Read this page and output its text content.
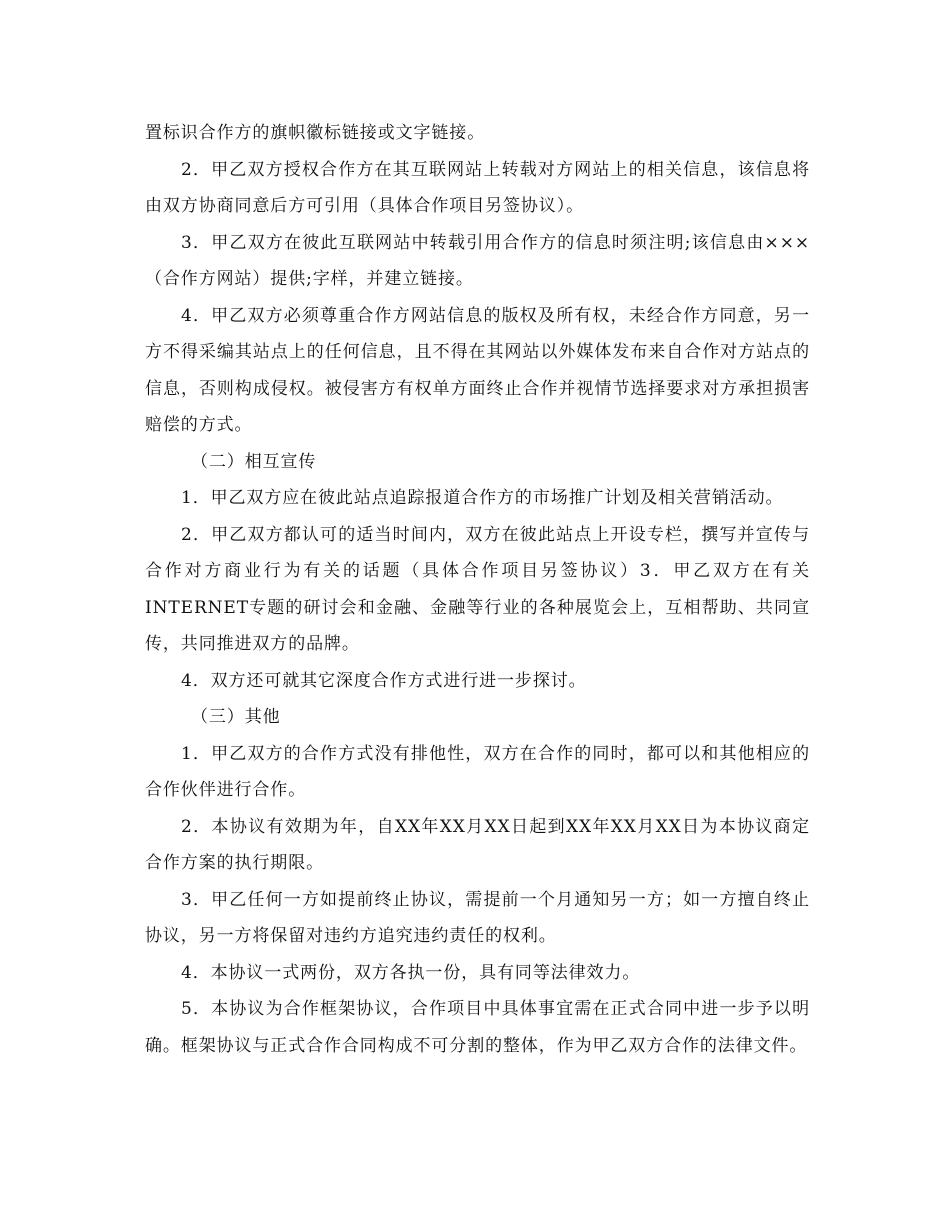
置标识合作方的旗帜徽标链接或文字链接。

2．甲乙双方授权合作方在其互联网站上转载对方网站上的相关信息，该信息将由双方协商同意后方可引用（具体合作项目另签协议）。

3．甲乙双方在彼此互联网站中转载引用合作方的信息时须注明;该信息由×××（合作方网站）提供;字样，并建立链接。

4．甲乙双方必须尊重合作方网站信息的版权及所有权，未经合作方同意，另一方不得采编其站点上的任何信息，且不得在其网站以外媒体发布来自合作对方站点的信息，否则构成侵权。被侵害方有权单方面终止合作并视情节选择要求对方承担损害赔偿的方式。

（二）相互宣传

1．甲乙双方应在彼此站点追踪报道合作方的市场推广计划及相关营销活动。

2．甲乙双方都认可的适当时间内，双方在彼此站点上开设专栏，撰写并宣传与合作对方商业行为有关的话题（具体合作项目另签协议）3．甲乙双方在有关INTERNET专题的研讨会和金融、金融等行业的各种展览会上，互相帮助、共同宣传，共同推进双方的品牌。

4．双方还可就其它深度合作方式进行进一步探讨。

（三）其他

1．甲乙双方的合作方式没有排他性，双方在合作的同时，都可以和其他相应的合作伙伴进行合作。

2．本协议有效期为年，自XX年XX月XX日起到XX年XX月XX日为本协议商定合作方案的执行期限。

3．甲乙任何一方如提前终止协议，需提前一个月通知另一方；如一方擅自终止协议，另一方将保留对违约方追究违约责任的权利。

4．本协议一式两份，双方各执一份，具有同等法律效力。

5．本协议为合作框架协议，合作项目中具体事宜需在正式合同中进一步予以明确。框架协议与正式合作合同构成不可分割的整体，作为甲乙双方合作的法律文件。
